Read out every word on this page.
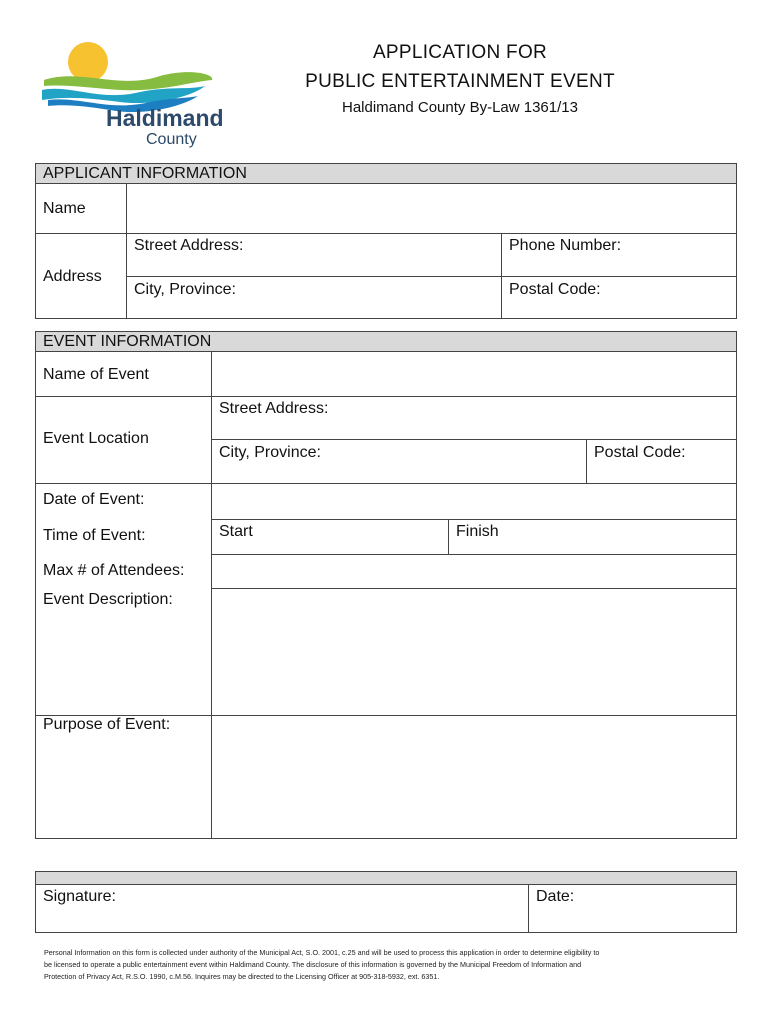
Haldimand
County
APPLICATION FOR
PUBLIC ENTERTAINMENT EVENT
Haldimand County By-Law 1361/13
APPLICANT INFORMATION
Name
Address
Street Address:	Phone Number:
City, Province:	Postal Code:
EVENT INFORMATION
Name of Event
Event Location
Street Address:
City, Province:	Postal Code:
Date of Event:
Time of Event:	Start	Finish
Max # of Attendees:
Event Description:
Purpose of Event:
Signature:	Date:
Personal Information on this form is collected under authority of the Municipal Act, S.O. 2001, c.25 and will be used to process this application in order to determine eligibility to
be licensed to operate a public entertainment event within Haldimand County. The disclosure of this information is governed by the Municipal Freedom of Information and
Protection of Privacy Act, R.S.O. 1990, c.M.56. Inquires may be directed to the Licensing Officer at 905-318-5932, ext. 6351.
